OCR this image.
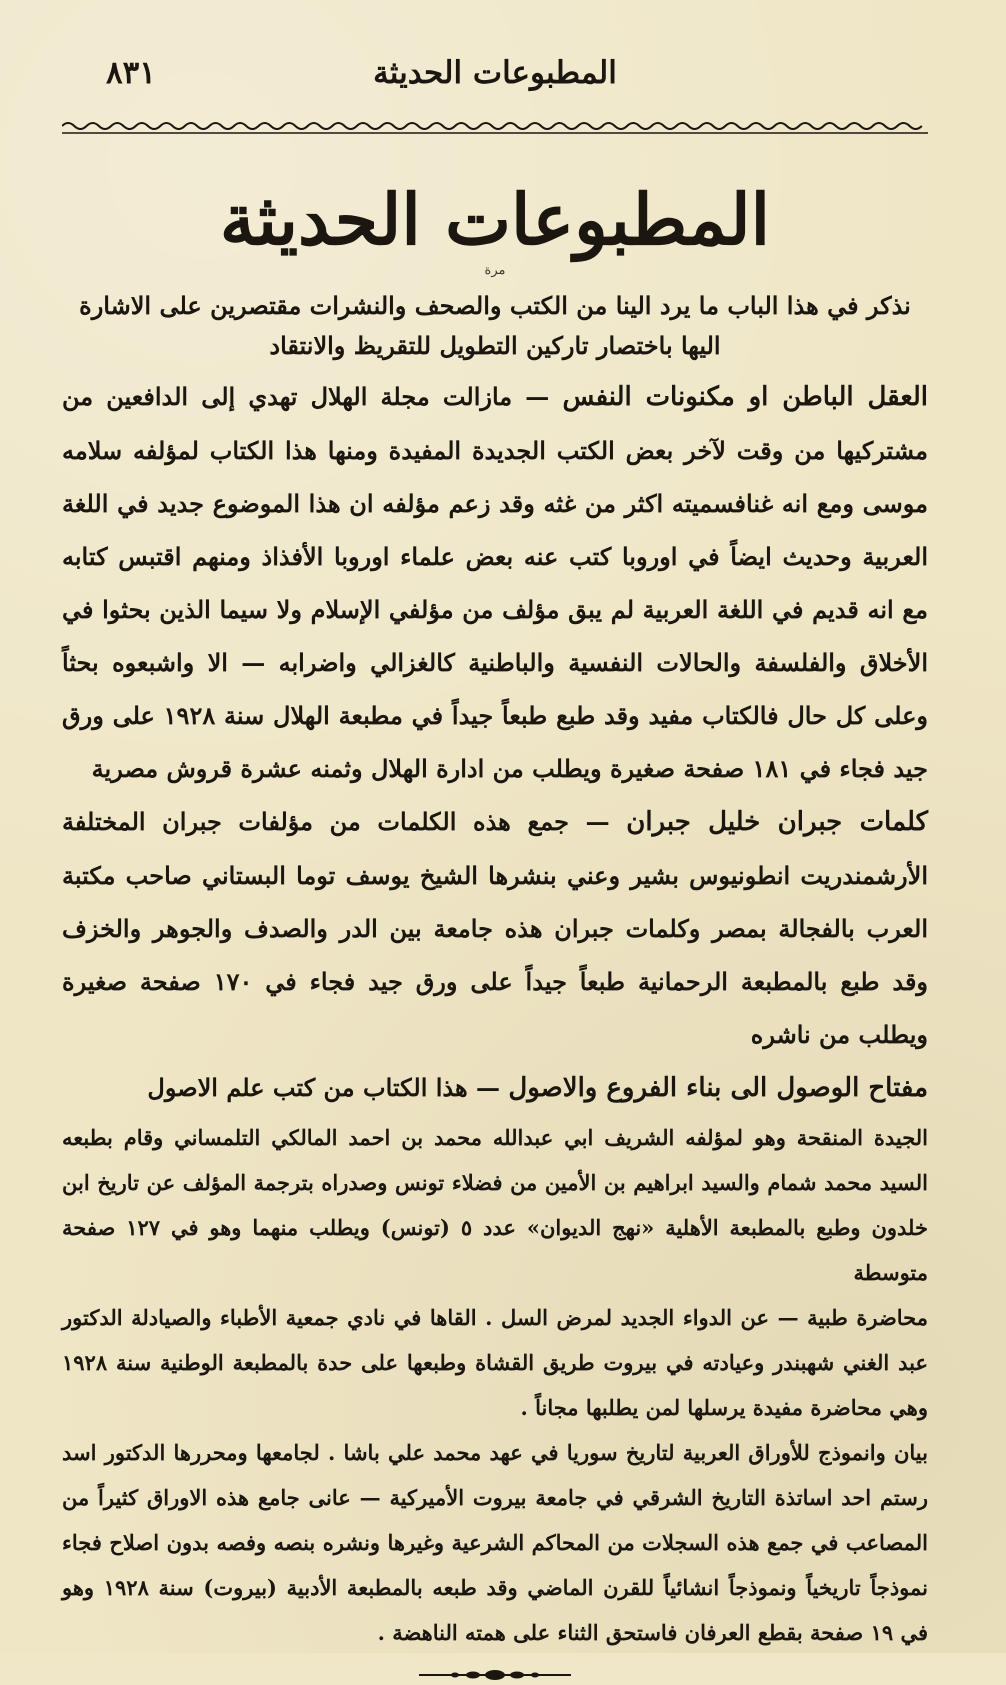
المطبوعات الحديثة
٨٣١
المطبوعات الحديثة
مرة

نذكر في هذا الباب ما يرد الينا من الكتب والصحف والنشرات مقتصرين على الاشارة اليها باختصار تاركين التطويل للتقريظ والانتقاد

العقل الباطن او مكنونات النفس — مازالت مجلة الهلال تهدي إلى الدافعين من مشتركيها من وقت لآخر بعض الكتب الجديدة المفيدة ومنها هذا الكتاب لمؤلفه سلامه موسى ومع انه غنافسميته اكثر من غثه وقد زعم مؤلفه ان هذا الموضوع جديد في اللغة العربية وحديث ايضاً في اوروبا كتب عنه بعض علماء اوروبا الأفذاذ ومنهم اقتبس كتابه مع انه قديم في اللغة العربية لم يبق مؤلف من مؤلفي الإسلام ولا سيما الذين بحثوا في الأخلاق والفلسفة والحالات النفسية والباطنية كالغزالي واضرابه — الا واشبعوه بحثاً وعلى كل حال فالكتاب مفيد وقد طبع طبعاً جيداً في مطبعة الهلال سنة ١٩٢٨ على ورق جيد فجاء في ١٨١ صفحة صغيرة ويطلب من ادارة الهلال وثمنه عشرة قروش مصرية

كلمات جبران خليل جبران — جمع هذه الكلمات من مؤلفات جبران المختلفة الأرشمندريت انطونيوس بشير وعني بنشرها الشيخ يوسف توما البستاني صاحب مكتبة العرب بالفجالة بمصر وكلمات جبران هذه جامعة بين الدر والصدف والجوهر والخزف وقد طبع بالمطبعة الرحمانية طبعاً جيداً على ورق جيد فجاء في ١٧٠ صفحة صغيرة ويطلب من ناشره

مفتاح الوصول الى بناء الفروع والاصول — هذا الكتاب من كتب علم الاصول

الجيدة المنقحة وهو لمؤلفه الشريف ابي عبدالله محمد بن احمد المالكي التلمساني وقام بطبعه السيد محمد شمام والسيد ابراهيم بن الأمين من فضلاء تونس وصدراه بترجمة المؤلف عن تاريخ ابن خلدون وطبع بالمطبعة الأهلية «نهج الديوان» عدد ٥ (تونس) ويطلب منهما وهو في ١٢٧ صفحة متوسطة

محاضرة طبية — عن الدواء الجديد لمرض السل . القاها في نادي جمعية الأطباء والصيادلة الدكتور عبد الغني شهبندر وعيادته في بيروت طريق القشاة وطبعها على حدة بالمطبعة الوطنية سنة ١٩٢٨ وهي محاضرة مفيدة يرسلها لمن يطلبها مجاناً .

بيان وانموذج للأوراق العربية لتاريخ سوريا في عهد محمد علي باشا . لجامعها ومحررها الدكتور اسد رستم احد اساتذة التاريخ الشرقي في جامعة بيروت الأميركية — عانى جامع هذه الاوراق كثيراً من المصاعب في جمع هذه السجلات من المحاكم الشرعية وغيرها ونشره بنصه وفصه بدون اصلاح فجاء نموذجاً تاريخياً ونموذجاً انشائياً للقرن الماضي وقد طبعه بالمطبعة الأدبية (بيروت) سنة ١٩٢٨ وهو في ١٩ صفحة بقطع العرفان فاستحق الثناء على همته الناهضة .
